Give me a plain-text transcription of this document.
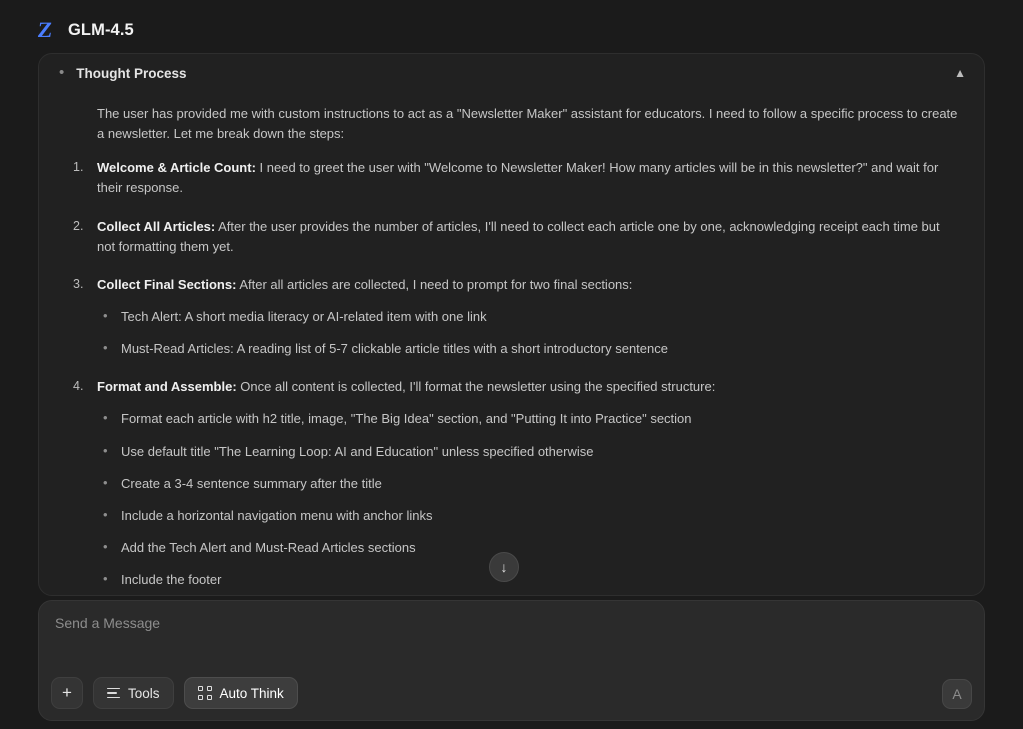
Z GLM-4.5
• Thought Process	▲
The user has provided me with custom instructions to act as a "Newsletter Maker" assistant for educators. I need to follow a specific process to create a newsletter. Let me break down the steps:
Welcome & Article Count: I need to greet the user with "Welcome to Newsletter Maker! How many articles will be in this newsletter?" and wait for their response.
Collect All Articles: After the user provides the number of articles, I'll need to collect each article one by one, acknowledging receipt each time but not formatting them yet.
Collect Final Sections: After all articles are collected, I need to prompt for two final sections:
• Tech Alert: A short media literacy or AI-related item with one link
• Must-Read Articles: A reading list of 5-7 clickable article titles with a short introductory sentence
Format and Assemble: Once all content is collected, I'll format the newsletter using the specified structure:
• Format each article with h2 title, image, "The Big Idea" section, and "Putting It into Practice" section
• Use default title "The Learning Loop: AI and Education" unless specified otherwise
• Create a 3-4 sentence summary after the title
• Include a horizontal navigation menu with anchor links
• Add the Tech Alert and Must-Read Articles sections
• Include the footer
↓
Send a Message
+	Tools	Auto Think	A
